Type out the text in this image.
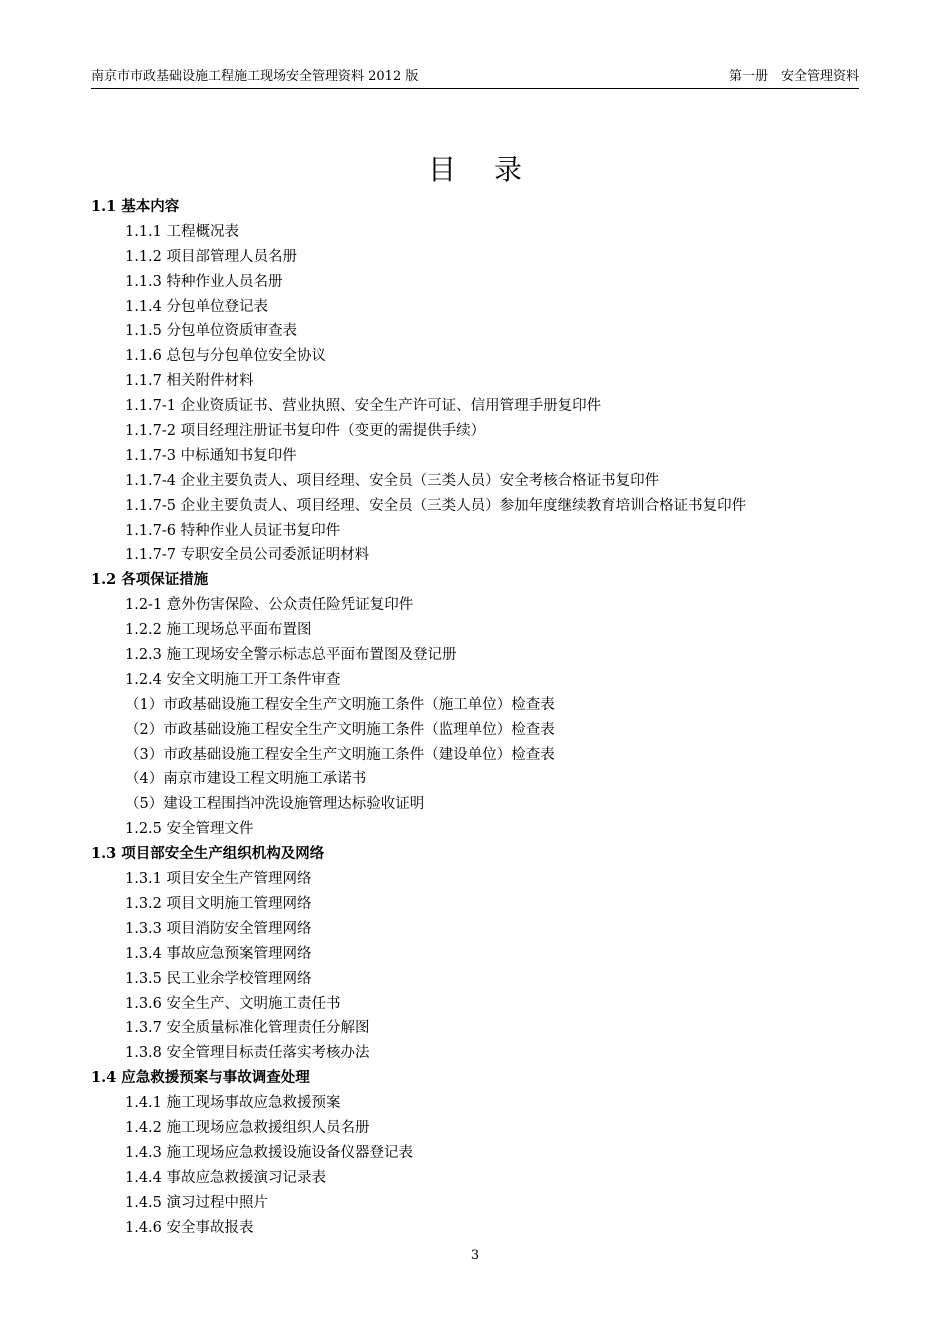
南京市市政基础设施工程施工现场安全管理资料 2012 版	第一册　安全管理资料
目录
1.1 基本内容
1.1.1 工程概况表
1.1.2 项目部管理人员名册
1.1.3 特种作业人员名册
1.1.4 分包单位登记表
1.1.5 分包单位资质审查表
1.1.6 总包与分包单位安全协议
1.1.7 相关附件材料
1.1.7-1 企业资质证书、营业执照、安全生产许可证、信用管理手册复印件
1.1.7-2 项目经理注册证书复印件（变更的需提供手续）
1.1.7-3 中标通知书复印件
1.1.7-4 企业主要负责人、项目经理、安全员（三类人员）安全考核合格证书复印件
1.1.7-5 企业主要负责人、项目经理、安全员（三类人员）参加年度继续教育培训合格证书复印件
1.1.7-6 特种作业人员证书复印件
1.1.7-7 专职安全员公司委派证明材料
1.2 各项保证措施
1.2-1 意外伤害保险、公众责任险凭证复印件
1.2.2 施工现场总平面布置图
1.2.3 施工现场安全警示标志总平面布置图及登记册
1.2.4 安全文明施工开工条件审查
（1）市政基础设施工程安全生产文明施工条件（施工单位）检查表
（2）市政基础设施工程安全生产文明施工条件（监理单位）检查表
（3）市政基础设施工程安全生产文明施工条件（建设单位）检查表
（4）南京市建设工程文明施工承诺书
（5）建设工程围挡冲洗设施管理达标验收证明
1.2.5 安全管理文件
1.3 项目部安全生产组织机构及网络
1.3.1 项目安全生产管理网络
1.3.2 项目文明施工管理网络
1.3.3 项目消防安全管理网络
1.3.4 事故应急预案管理网络
1.3.5 民工业余学校管理网络
1.3.6 安全生产、文明施工责任书
1.3.7 安全质量标准化管理责任分解图
1.3.8 安全管理目标责任落实考核办法
1.4 应急救援预案与事故调查处理
1.4.1 施工现场事故应急救援预案
1.4.2 施工现场应急救援组织人员名册
1.4.3 施工现场应急救援设施设备仪器登记表
1.4.4 事故应急救援演习记录表
1.4.5 演习过程中照片
1.4.6 安全事故报表
3
